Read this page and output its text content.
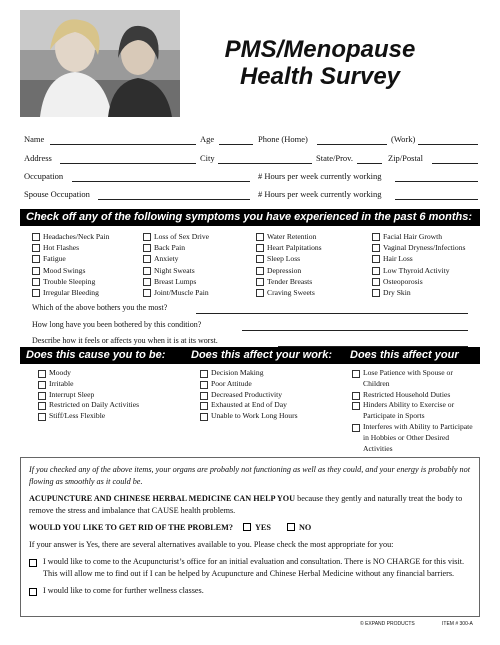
PMS/Menopause
Health Survey
Name	Age	Phone (Home)	(Work)
Address	City	State/Prov.	Zip/Postal
Occupation	# Hours per week currently working
Spouse Occupation	# Hours per week currently working
Check off any of the following symptoms you have experienced in the past 6 months:
Headaches/Neck Pain
Hot Flashes
Fatigue
Mood Swings
Trouble Sleeping
Irregular Bleeding
Loss of Sex Drive
Back Pain
Anxiety
Night Sweats
Breast Lumps
Joint/Muscle Pain
Water Retention
Heart Palpitations
Sleep Loss
Depression
Tender Breasts
Craving Sweets
Facial Hair Growth
Vaginal Dryness/Infections
Hair Loss
Low Thyroid Activity
Osteoporosis
Dry Skin
Which of the above bothers you the most?
How long have you been bothered by this condition?
Describe how it feels or affects you when it is at its worst.
Does this cause you to be: Does this affect your work: Does this affect your life:
Moody
Irritable
Interrupt Sleep
Restricted on Daily Activities
Stiff/Less Flexible
Decision Making
Poor Attitude
Decreased Productivity
Exhausted at End of Day
Unable to Work Long Hours
Lose Patience with Spouse or Children
Restricted Household Duties
Hinders Ability to Exercise or Participate in Sports
Interferes with Ability to Participate in Hobbies or Other Desired Activities

If you checked any of the above items, your organs are probably not functioning as well as they could, and your energy is probably not flowing as smoothly as it could be.

ACUPUNCTURE AND CHINESE HERBAL MEDICINE CAN HELP YOU because they gently and naturally treat the body to remove the stress and imbalance that CAUSE health problems.

WOULD YOU LIKE TO GET RID OF THE PROBLEM?	YES	NO

If your answer is Yes, there are several alternatives available to you. Please check the most appropriate for you:

I would like to come to the Acupuncturist’s office for an initial evaluation and consultation. There is NO CHARGE for this visit. This will allow me to find out if I can be helped by Acupuncture and Chinese Herbal Medicine without any financial barriers.
I would like to come for further wellness classes.
© EXPAND PRODUCTS	ITEM # 300-A
